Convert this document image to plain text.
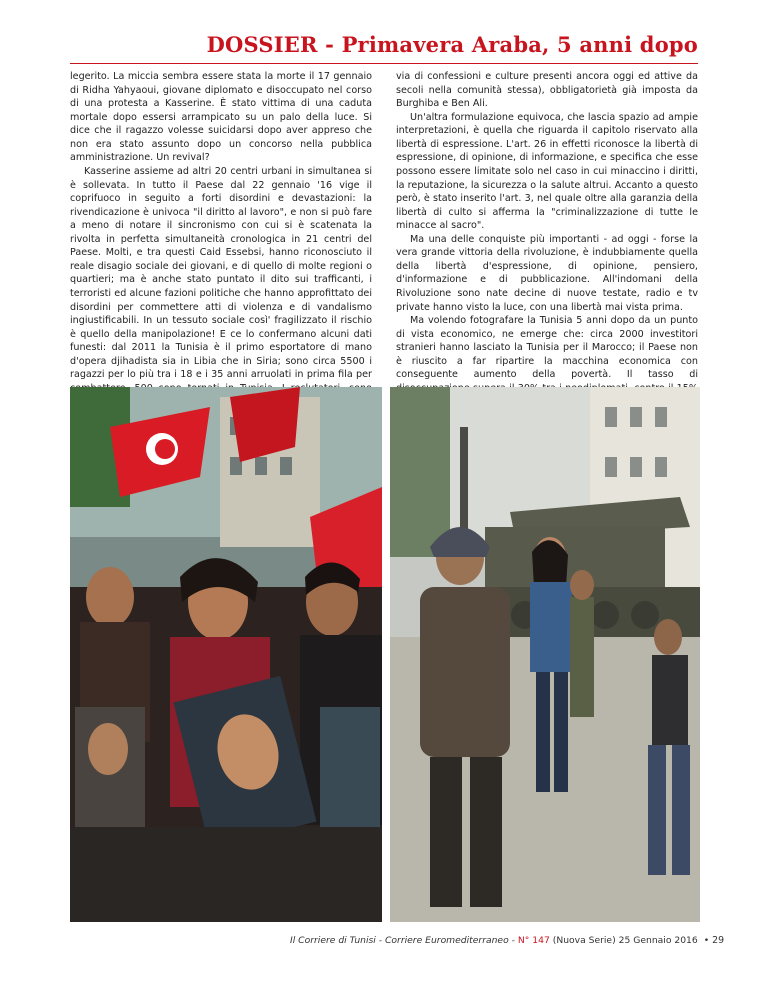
DOSSIER - Primavera Araba, 5 anni dopo

legerito. La miccia sembra essere stata la morte il 17 gennaio di Ridha Yahyaoui, giovane diplomato e disoccupato nel corso di una protesta a Kasserine. È stato vittima di una caduta mortale dopo essersi arrampicato su un palo della luce. Si dice che il ragazzo volesse suicidarsi dopo aver appreso che non era stato assunto dopo un concorso nella pubblica amministrazione. Un revival?

Kasserine assieme ad altri 20 centri urbani in simultanea si è sollevata. In tutto il Paese dal 22 gennaio '16 vige il coprifuoco in seguito a forti disordini e devastazioni: la rivendicazione è univoca "il diritto al lavoro", e non si può fare a meno di notare il sincronismo con cui si è scatenata la rivolta in perfetta simultaneità cronologica in 21 centri del Paese. Molti, e tra questi Caid Essebsi, hanno riconosciuto il reale disagio sociale dei giovani, e di quello di molte regioni o quartieri; ma è anche stato puntato il dito sui trafficanti, i terroristi ed alcune fazioni politiche che hanno approfittato dei disordini per commettere atti di violenza e di vandalismo ingiustificabili. In un tessuto sociale così' fragilizzato il rischio è quello della manipolazione! E ce lo confermano alcuni dati funesti: dal 2011 la Tunisia è il primo esportatore di mano d'opera djihadista sia in Libia che in Siria; sono circa 5500 i ragazzi per lo più tra i 18 e i 35 anni arruolati in prima fila per

via di confessioni e culture presenti ancora oggi ed attive da secoli nella comunità stessa), obbligatorietà già imposta da Burghiba e Ben Ali.

Un'altra formulazione equivoca, che lascia spazio ad ampie interpretazioni, è quella che riguarda il capitolo riservato alla libertà di espressione. L'art. 26 in effetti riconosce la libertà di espressione, di opinione, di informazione, e specifica che esse possono essere limitate solo nel caso in cui minaccino i diritti, la reputazione, la sicurezza o la salute altrui. Accanto a questo però, è stato inserito l'art. 3, nel quale oltre alla garanzia della libertà di culto si afferma la "criminalizzazione di tutte le minacce al sacro".

Ma una delle conquiste più importanti - ad oggi - forse la vera grande vittoria della rivoluzione, è indubbiamente quella della libertà d'espressione, di opinione, pensiero, d'informazione e di pubblicazione. All'indomani della Rivoluzione sono nate decine di nuove testate, radio e tv private hanno visto la luce, con una libertà mai vista prima.

Ma volendo fotografare la Tunisia 5 anni dopo da un punto di vista economico, ne emerge che: circa 2000 investitori stranieri hanno lasciato la Tunisia per il Marocco; il Paese non è riuscito a far ripartire la macchina economica con conseguente aumento della povertà. Il tasso di

Il Corriere di Tunisi - Corriere Euromediterraneo - N° 147 (Nuova Serie) 25 Gennaio 2016 • 29
